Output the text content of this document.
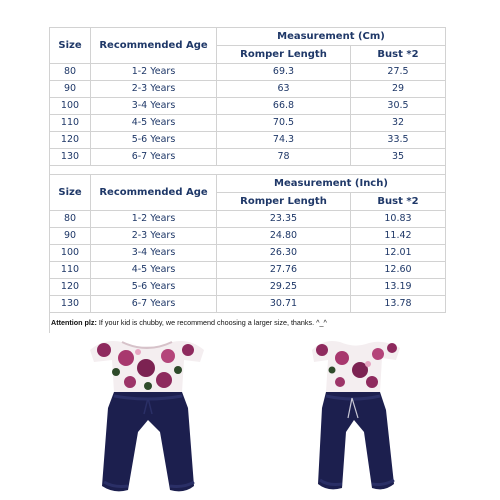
Size	Recommended Age	Measurement (Cm)	
		Romper Length	Bust *2
80	1-2 Years	69.3	27.5
90	2-3 Years	63	29
100	3-4 Years	66.8	30.5
110	4-5 Years	70.5	32
120	5-6 Years	74.3	33.5
130	6-7 Years	78	35

Size	Recommended Age	Measurement (Inch)	
		Romper Length	Bust *2
80	1-2 Years	23.35	10.83
90	2-3 Years	24.80	11.42
100	3-4 Years	26.30	12.01
110	4-5 Years	27.76	12.60
120	5-6 Years	29.25	13.19
130	6-7 Years	30.71	13.78
Attention plz: If your kid is chubby, we recommend choosing a larger size, thanks. ^_^			
